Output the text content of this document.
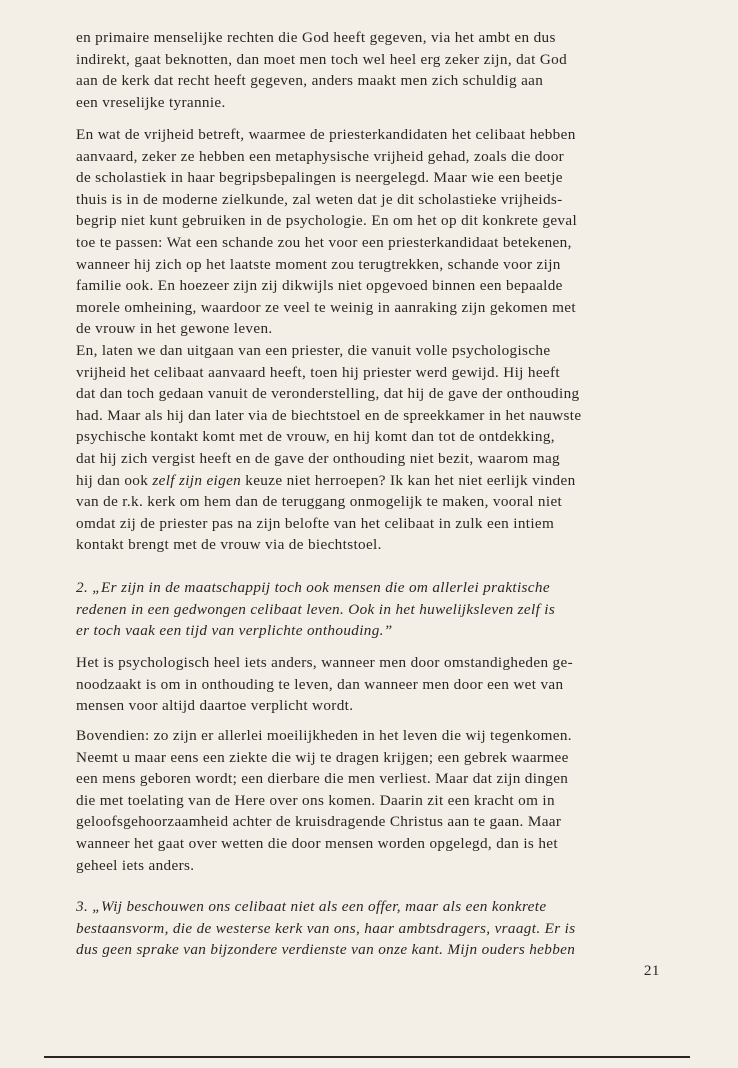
en primaire menselijke rechten die God heeft gegeven, via het ambt en dus
indirekt, gaat beknotten, dan moet men toch wel heel erg zeker zijn, dat God
aan de kerk dat recht heeft gegeven, anders maakt men zich schuldig aan
een vreselijke tyrannie.

En wat de vrijheid betreft, waarmee de priesterkandidaten het celibaat hebben
aanvaard, zeker ze hebben een metaphysische vrijheid gehad, zoals die door
de scholastiek in haar begripsbepalingen is neergelegd. Maar wie een beetje
thuis is in de moderne zielkunde, zal weten dat je dit scholastieke vrijheids-
begrip niet kunt gebruiken in de psychologie. En om het op dit konkrete geval
toe te passen: Wat een schande zou het voor een priesterkandidaat betekenen,
wanneer hij zich op het laatste moment zou terugtrekken, schande voor zijn
familie ook. En hoezeer zijn zij dikwijls niet opgevoed binnen een bepaalde
morele omheining, waardoor ze veel te weinig in aanraking zijn gekomen met
de vrouw in het gewone leven.

En, laten we dan uitgaan van een priester, die vanuit volle psychologische
vrijheid het celibaat aanvaard heeft, toen hij priester werd gewijd. Hij heeft
dat dan toch gedaan vanuit de veronderstelling, dat hij de gave der onthouding
had. Maar als hij dan later via de biechtstoel en de spreekkamer in het nauwste
psychische kontakt komt met de vrouw, en hij komt dan tot de ontdekking,
dat hij zich vergist heeft en de gave der onthouding niet bezit, waarom mag
hij dan ook zelf zijn eigen keuze niet herroepen? Ik kan het niet eerlijk vinden
van de r.k. kerk om hem dan de teruggang onmogelijk te maken, vooral niet
omdat zij de priester pas na zijn belofte van het celibaat in zulk een intiem
kontakt brengt met de vrouw via de biechtstoel.

2. „Er zijn in de maatschappij toch ook mensen die om allerlei praktische
redenen in een gedwongen celibaat leven. Ook in het huwelijksleven zelf is
er toch vaak een tijd van verplichte onthouding.”

Het is psychologisch heel iets anders, wanneer men door omstandigheden ge-
noodzaakt is om in onthouding te leven, dan wanneer men door een wet van
mensen voor altijd daartoe verplicht wordt.

Bovendien: zo zijn er allerlei moeilijkheden in het leven die wij tegenkomen.
Neemt u maar eens een ziekte die wij te dragen krijgen; een gebrek waarmee
een mens geboren wordt; een dierbare die men verliest. Maar dat zijn dingen
die met toelating van de Here over ons komen. Daarin zit een kracht om in
geloofsgehoorzaamheid achter de kruisdragende Christus aan te gaan. Maar
wanneer het gaat over wetten die door mensen worden opgelegd, dan is het
geheel iets anders.

3. „Wij beschouwen ons celibaat niet als een offer, maar als een konkrete
bestaansvorm, die de westerse kerk van ons, haar ambtsdragers, vraagt. Er is
dus geen sprake van bijzondere verdienste van onze kant. Mijn ouders hebben

21
